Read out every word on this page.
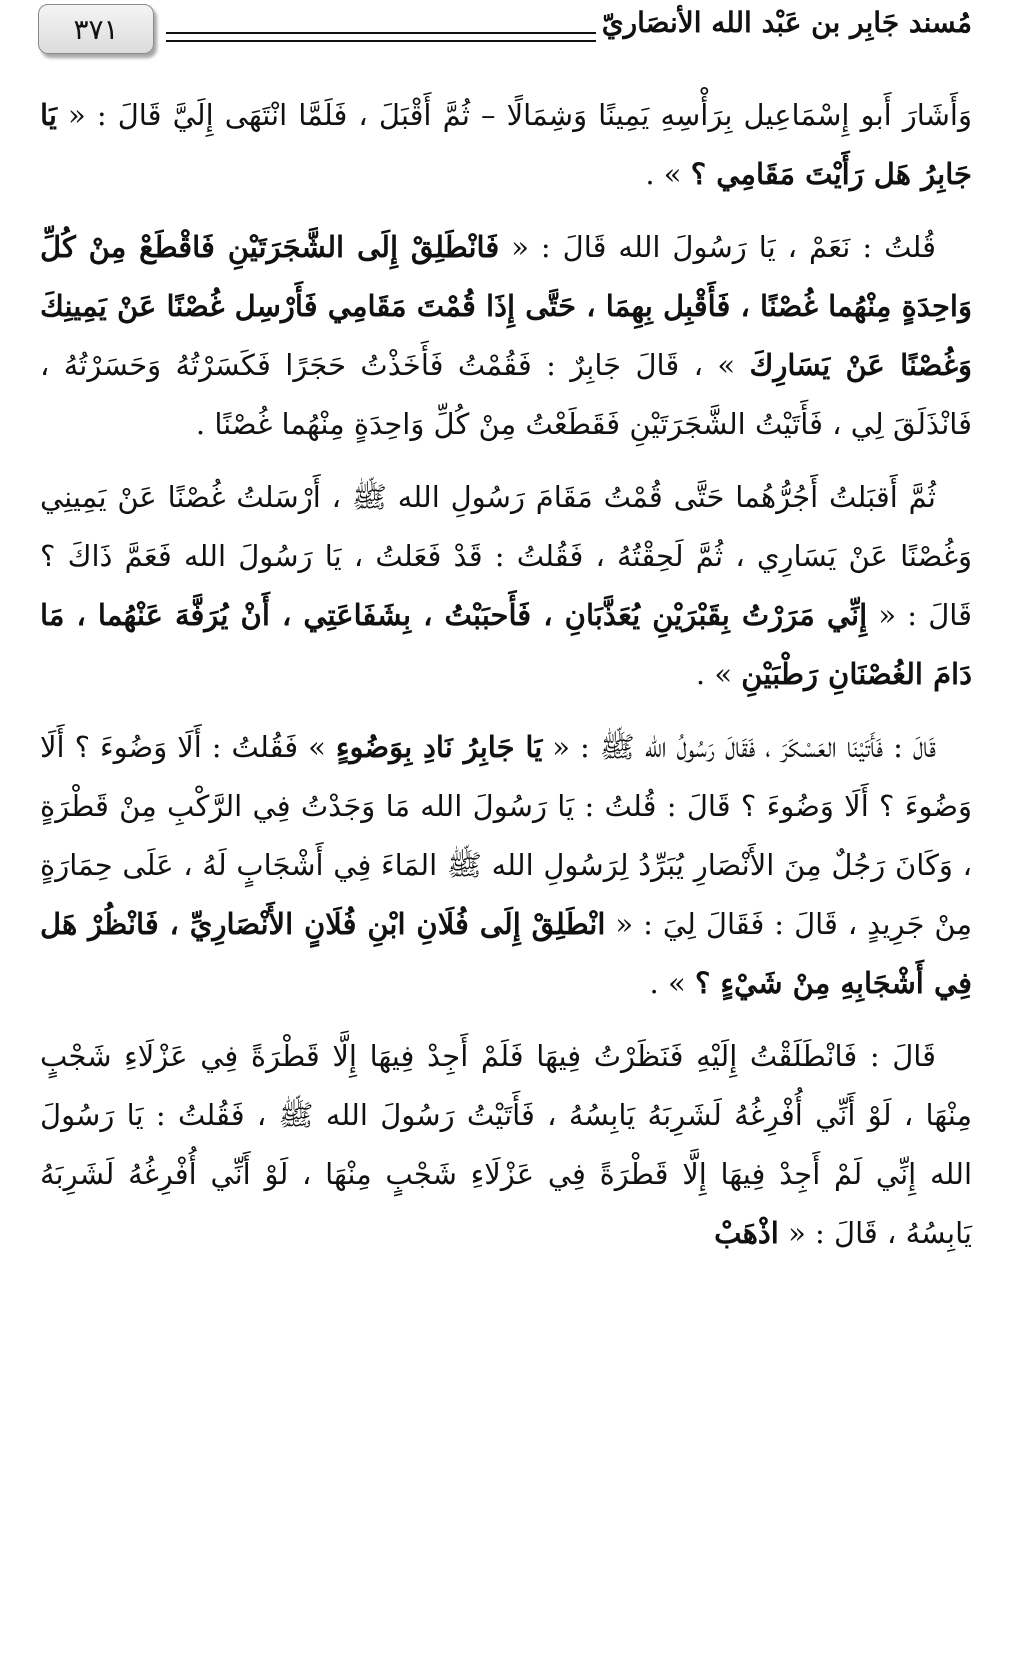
٣٧١	مُسند جَابِر بن عَبْد الله الأنصَاريّ

وَأَشَارَ أَبو إِسْمَاعِيل بِرَأْسِهِ يَمِينًا وَشِمَالًا – ثُمَّ أَقْبَلَ ، فَلَمَّا انْتَهَى إِلَيَّ قَالَ : « يَا جَابِرُ هَل رَأَيْتَ مَقَامِي ؟ » .

قُلتُ : نَعَمْ ، يَا رَسُولَ الله قَالَ : « فَانْطَلِقْ إِلَى الشَّجَرَتَيْنِ فَاقْطَعْ مِنْ كُلِّ وَاحِدَةٍ مِنْهُما غُصْنًا ، فَأَقْبِل بِهِمَا ، حَتَّى إِذَا قُمْتَ مَقَامِي فَأَرْسِل غُصْنًا عَنْ يَمِينِكَ وَغُصْنًا عَنْ يَسَارِكَ » ، قَالَ جَابِرٌ : فَقُمْتُ فَأَخَذْتُ حَجَرًا فَكَسَرْتُهُ وَحَسَرْتُهُ ، فَانْذَلَقَ لِي ، فَأَتَيْتُ الشَّجَرَتَيْنِ فَقَطَعْتُ مِنْ كُلِّ وَاحِدَةٍ مِنْهُما غُصْنًا .

ثُمَّ أَقبَلتُ أَجُرُّهُما حَتَّى قُمْتُ مَقَامَ رَسُولِ الله ﷺ ، أَرْسَلتُ غُصْنًا عَنْ يَمِينِي وَغُصْنًا عَنْ يَسَارِي ، ثُمَّ لَحِقْتُهُ ، فَقُلتُ : قَدْ فَعَلتُ ، يَا رَسُولَ الله فَعَمَّ ذَاكَ ؟ قَالَ : « إِنِّي مَرَرْتُ بِقَبْرَيْنِ يُعَذَّبَانِ ، فَأَحبَبْتُ ، بِشَفَاعَتِي ، أَنْ يُرَفَّهَ عَنْهُما ، مَا دَامَ الغُصْنَانِ رَطْبَيْنِ » .

قَالَ : فَأَتَيْنَا العَسْكَرَ ، فَقَالَ رَسُولُ الله ﷺ : « يَا جَابِرُ نَادِ بِوَضُوءٍ » فَقُلتُ : أَلَا وَضُوءَ ؟ أَلَا وَضُوءَ ؟ أَلَا وَضُوءَ ؟ قَالَ : قُلتُ : يَا رَسُولَ الله مَا وَجَدْتُ فِي الرَّكْبِ مِنْ قَطْرَةٍ ، وَكَانَ رَجُلٌ مِنَ الأَنْصَارِ يُبَرِّدُ لِرَسُولِ الله ﷺ المَاءَ فِي أَشْجَابٍ لَهُ ، عَلَى حِمَارَةٍ مِنْ جَرِيدٍ ، قَالَ : فَقَالَ لِيَ : « انْطَلِقْ إِلَى فُلَانِ ابْنِ فُلَانٍ الأَنْصَارِيِّ ، فَانْظُرْ هَل فِي أَشْجَابِهِ مِنْ شَيْءٍ ؟ » .

قَالَ : فَانْطَلَقْتُ إِلَيْهِ فَنَظَرْتُ فِيهَا فَلَمْ أَجِدْ فِيهَا إِلَّا قَطْرَةً فِي عَزْلَاءِ شَجْبٍ مِنْهَا ، لَوْ أَنِّي أُفْرِغُهُ لَشَرِبَهُ يَابِسُهُ ، فَأَتَيْتُ رَسُولَ الله ﷺ ، فَقُلتُ : يَا رَسُولَ الله إِنِّي لَمْ أَجِدْ فِيهَا إِلَّا قَطْرَةً فِي عَزْلَاءِ شَجْبٍ مِنْهَا ، لَوْ أَنِّي أُفْرِغُهُ لَشَرِبَهُ يَابِسُهُ ، قَالَ : « اذْهَبْ
